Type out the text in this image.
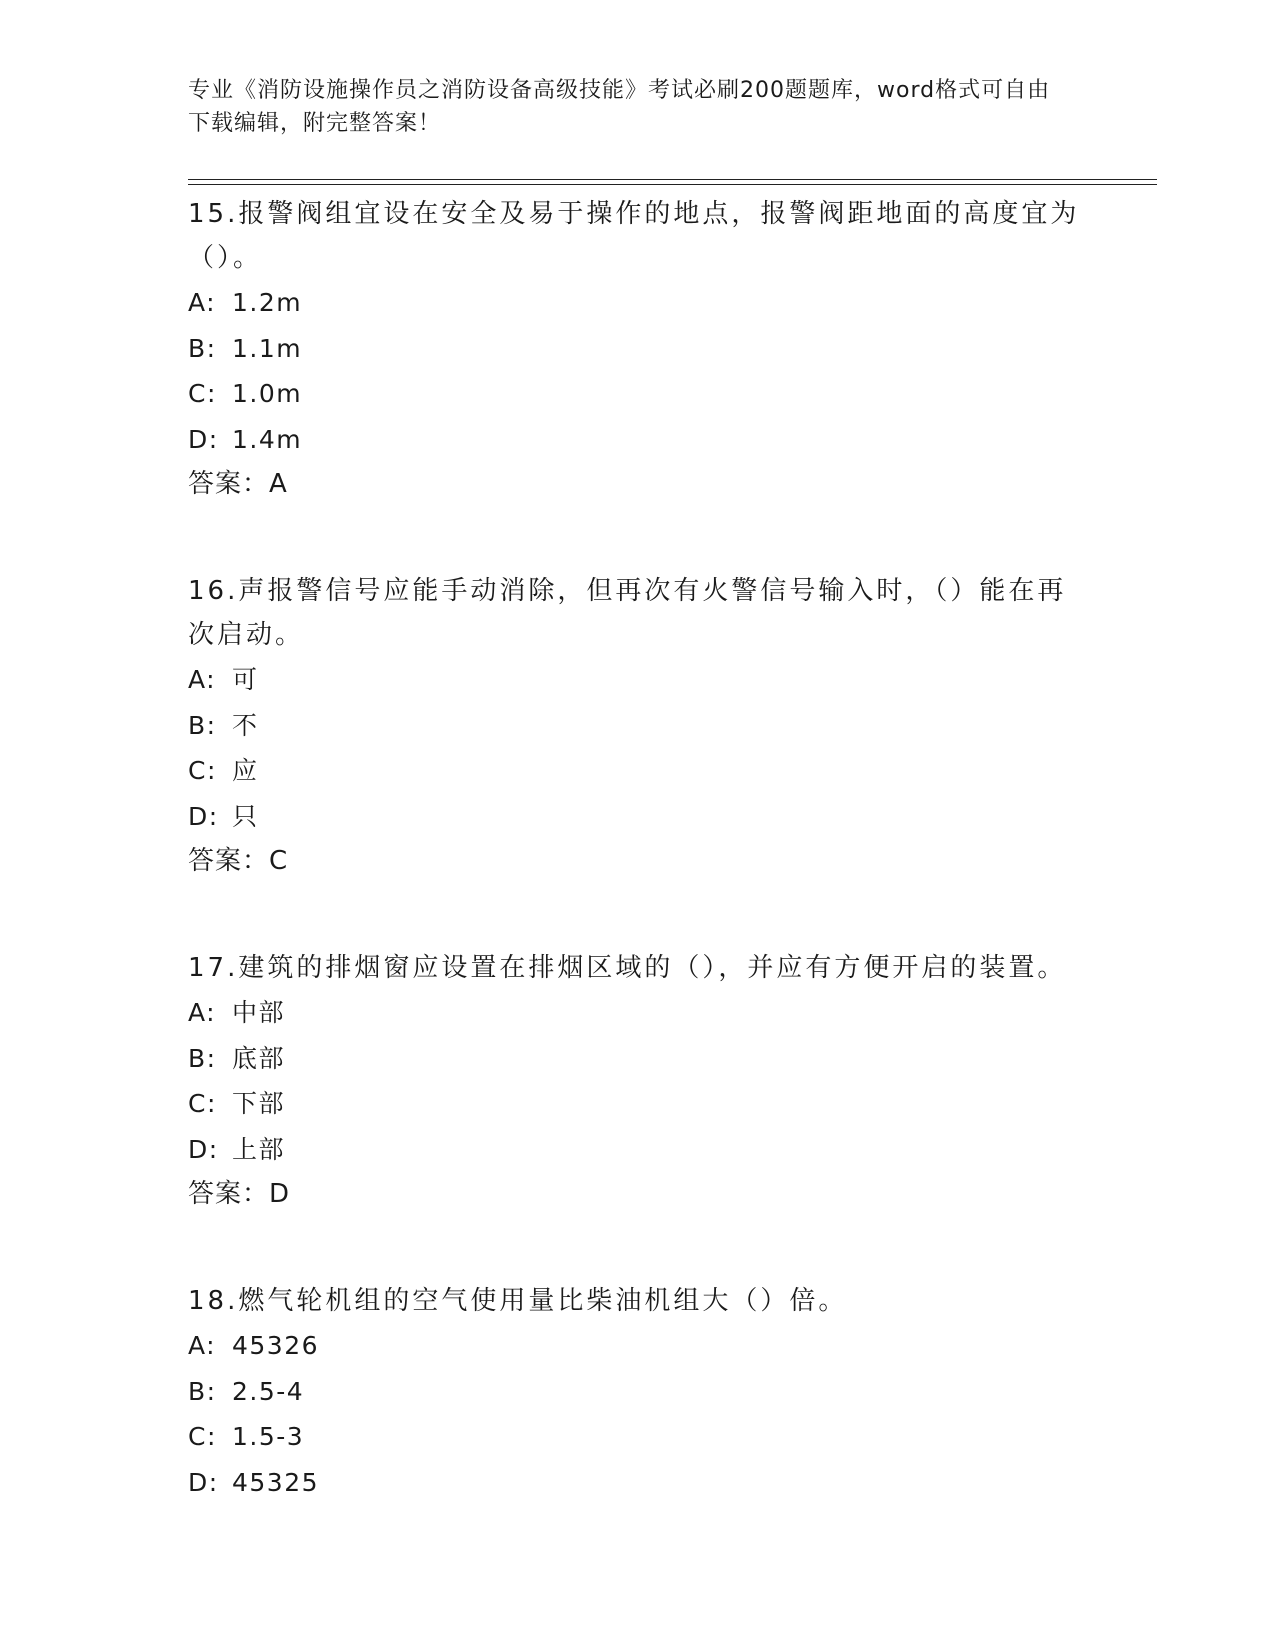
专业《消防设施操作员之消防设备高级技能》考试必刷200题题库，word格式可自由下载编辑，附完整答案！

15.报警阀组宜设在安全及易于操作的地点，报警阀距地面的高度宜为（）。

A: 1.2m

B: 1.1m

C: 1.0m

D: 1.4m

答案：A

16.声报警信号应能手动消除，但再次有火警信号输入时，（）能在再次启动。

A: 可

B: 不

C: 应

D: 只

答案：C

17.建筑的排烟窗应设置在排烟区域的（），并应有方便开启的装置。

A: 中部

B: 底部

C: 下部

D: 上部

答案：D

18.燃气轮机组的空气使用量比柴油机组大（）倍。

A: 45326

B: 2.5-4

C: 1.5-3

D: 45325
